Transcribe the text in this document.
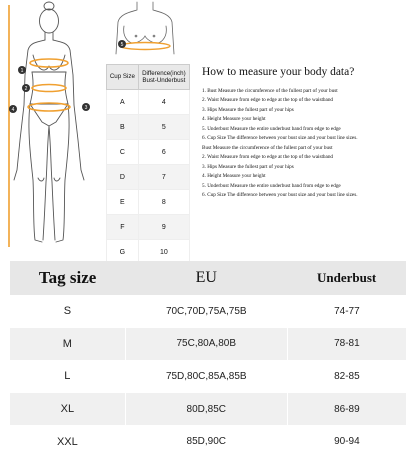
1
2
3
4
5
Cup Size	Difference(inch)
Bust-Underbust
A	4
B	5
C	6
D	7
E	8
F	9
G	10
How to measure your body data?
1. Bust Measure the circumference of the fullest part of your bust
2. Waist Measure from edge to edge at the top of the waistband
3. Hips Measure the fullest part of your hips
4. Height Measure your height
5. Underbust Measure the entire underbust band from edge to edge
6. Cup Size The difference between your bust size and your bust line sizes.
Bust Measure the circumference of the fullest part of your bust
2. Waist Measure from edge to edge at the top of the waistband
3. Hips Measure the fullest part of your hips
4. Height Measure your height
5. Underbust Measure the entire underbust band from edge to edge
6. Cup Size The difference between your bust size and your bust line sizes.
Tag size	EU	Underbust
S	70C,70D,75A,75B	74-77
M	75C,80A,80B	78-81
L	75D,80C,85A,85B	82-85
XL	80D,85C	86-89
XXL	85D,90C	90-94
